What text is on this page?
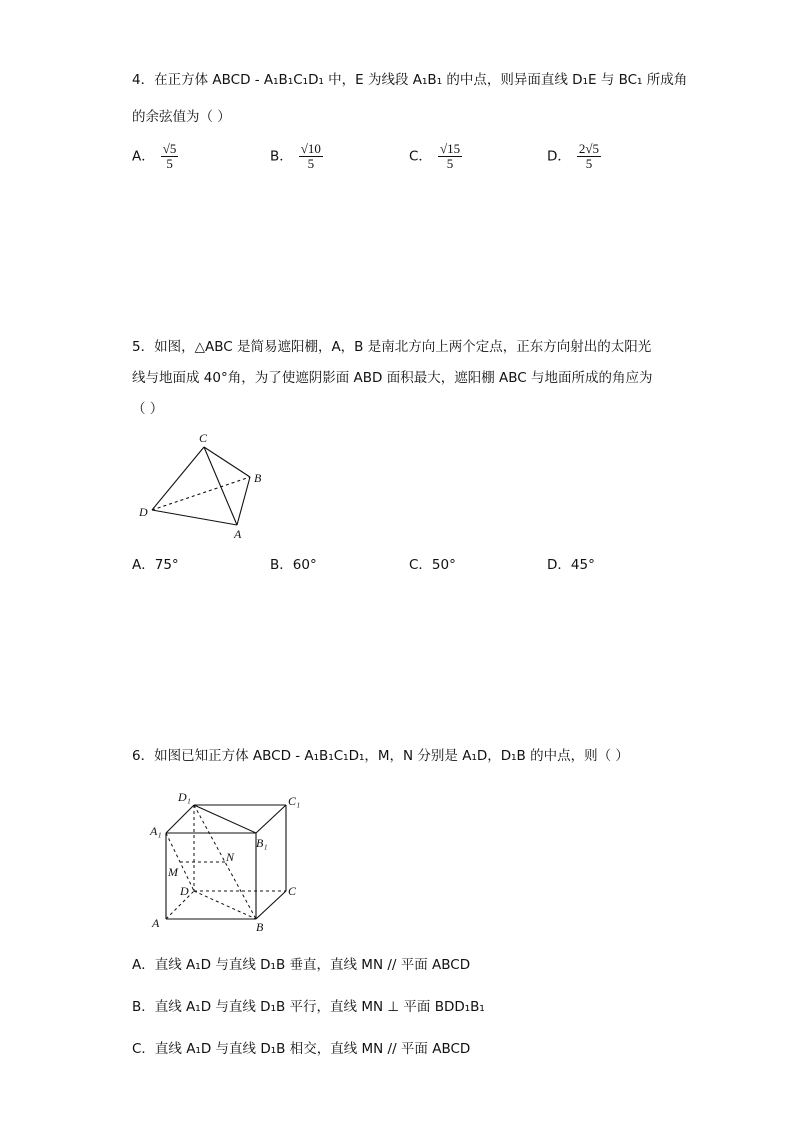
4．在正方体 ABCD - A₁B₁C₁D₁ 中，E 为线段 A₁B₁ 的中点，则异面直线 D₁E 与 BC₁ 所成角
的余弦值为（ ）
A． $\frac{√5}{5}$	B． $\frac{√10}{5}$	C． $\frac{√15}{5}$	D． $\frac{2√5}{5}$
5．如图，△ABC 是简易遮阳棚，A，B 是南北方向上两个定点，正东方向射出的太阳光
线与地面成 40°角，为了使遮阴影面 ABD 面积最大，遮阳棚 ABC 与地面所成的角应为
（ ）
C
B
D
A
A．75°	B．60°	C．50°	D．45°
6．如图已知正方体 ABCD - A₁B₁C₁D₁，M，N 分别是 A₁D，D₁B 的中点，则（ ）
D₁	C₁
A₁
B₁
N
M
D	C
A	B
A．直线 A₁D 与直线 D₁B 垂直，直线 MN // 平面 ABCD
B．直线 A₁D 与直线 D₁B 平行，直线 MN ⊥ 平面 BDD₁B₁
C．直线 A₁D 与直线 D₁B 相交，直线 MN // 平面 ABCD
